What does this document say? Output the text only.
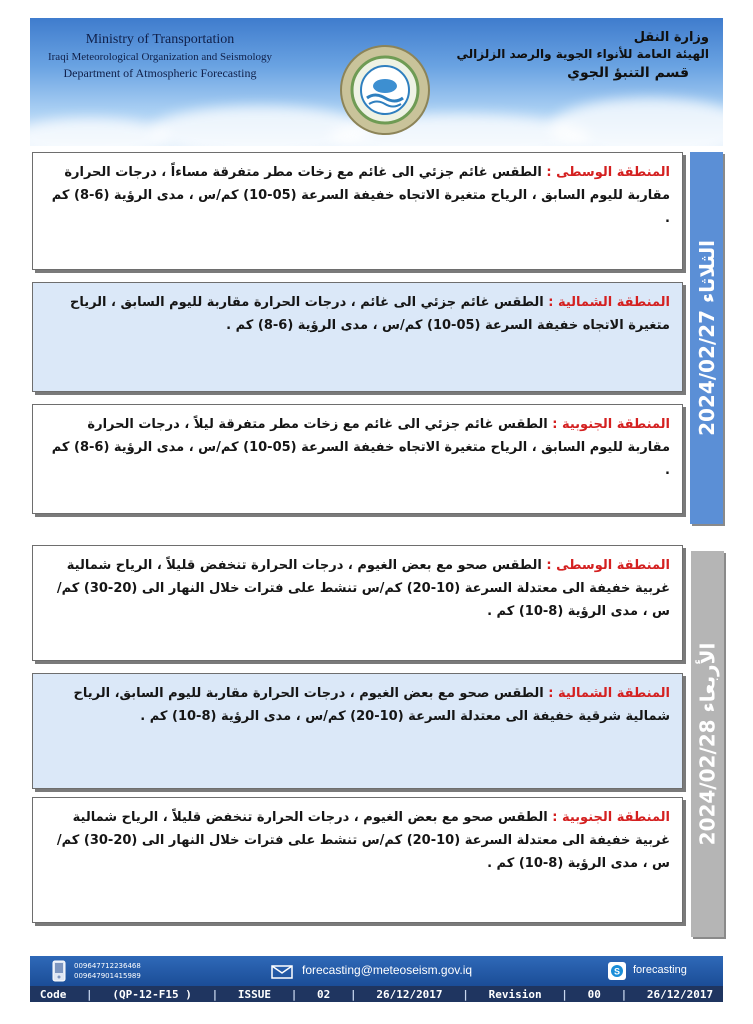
Ministry of Transportation
Iraqi Meteorological Organization and Seismology
Department of Atmospheric Forecasting
وزارة النقل
الهيئة العامة للأنواء الجوية والرصد الزلزالي
قسم التنبؤ الجوي
المنطقة الوسطى : الطقس غائم جزئي الى غائم مع زخات مطر متفرقة مساءاً ، درجات الحرارة مقاربة لليوم السابق ، الرياح متغيرة الاتجاه خفيفة السرعة (05-10) كم/س ، مدى الرؤية (6-8) كم .
المنطقة الشمالية : الطقس غائم جزئي الى غائم ، درجات الحرارة مقاربة لليوم السابق ، الرياح متغيرة الاتجاه خفيفة السرعة (05-10) كم/س ، مدى الرؤية (6-8) كم .
المنطقة الجنوبية : الطقس غائم جزئي الى غائم مع زخات مطر متفرقة ليلاً ، درجات الحرارة مقاربة لليوم السابق ، الرياح متغيرة الاتجاه خفيفة السرعة (05-10) كم/س ، مدى الرؤية (6-8) كم .
الثلاثاء 2024/02/27
المنطقة الوسطى : الطقس صحو مع بعض الغيوم ، درجات الحرارة تنخفض قليلاً ، الرياح شمالية غربية خفيفة الى معتدلة السرعة (10-20) كم/س تنشط على فترات خلال النهار الى (20-30) كم/س ، مدى الرؤية (8-10) كم .
المنطقة الشمالية : الطقس صحو مع بعض الغيوم ، درجات الحرارة مقاربة لليوم السابق، الرياح شمالية شرقية خفيفة الى معتدلة السرعة (10-20) كم/س ، مدى الرؤية (8-10) كم .
المنطقة الجنوبية : الطقس صحو مع بعض الغيوم ، درجات الحرارة تنخفض قليلاً ، الرياح شمالية غربية خفيفة الى معتدلة السرعة (10-20) كم/س تنشط على فترات خلال النهار الى (20-30) كم/س ، مدى الرؤية (8-10) كم .
الأربعاء 2024/02/28
009647712236468
009647901415989	forecasting@meteoseism.gov.iq	S forecasting
Code | (QP-12-F15 ) | ISSUE | 02 | 26/12/2017 | Revision | 00 | 26/12/2017
